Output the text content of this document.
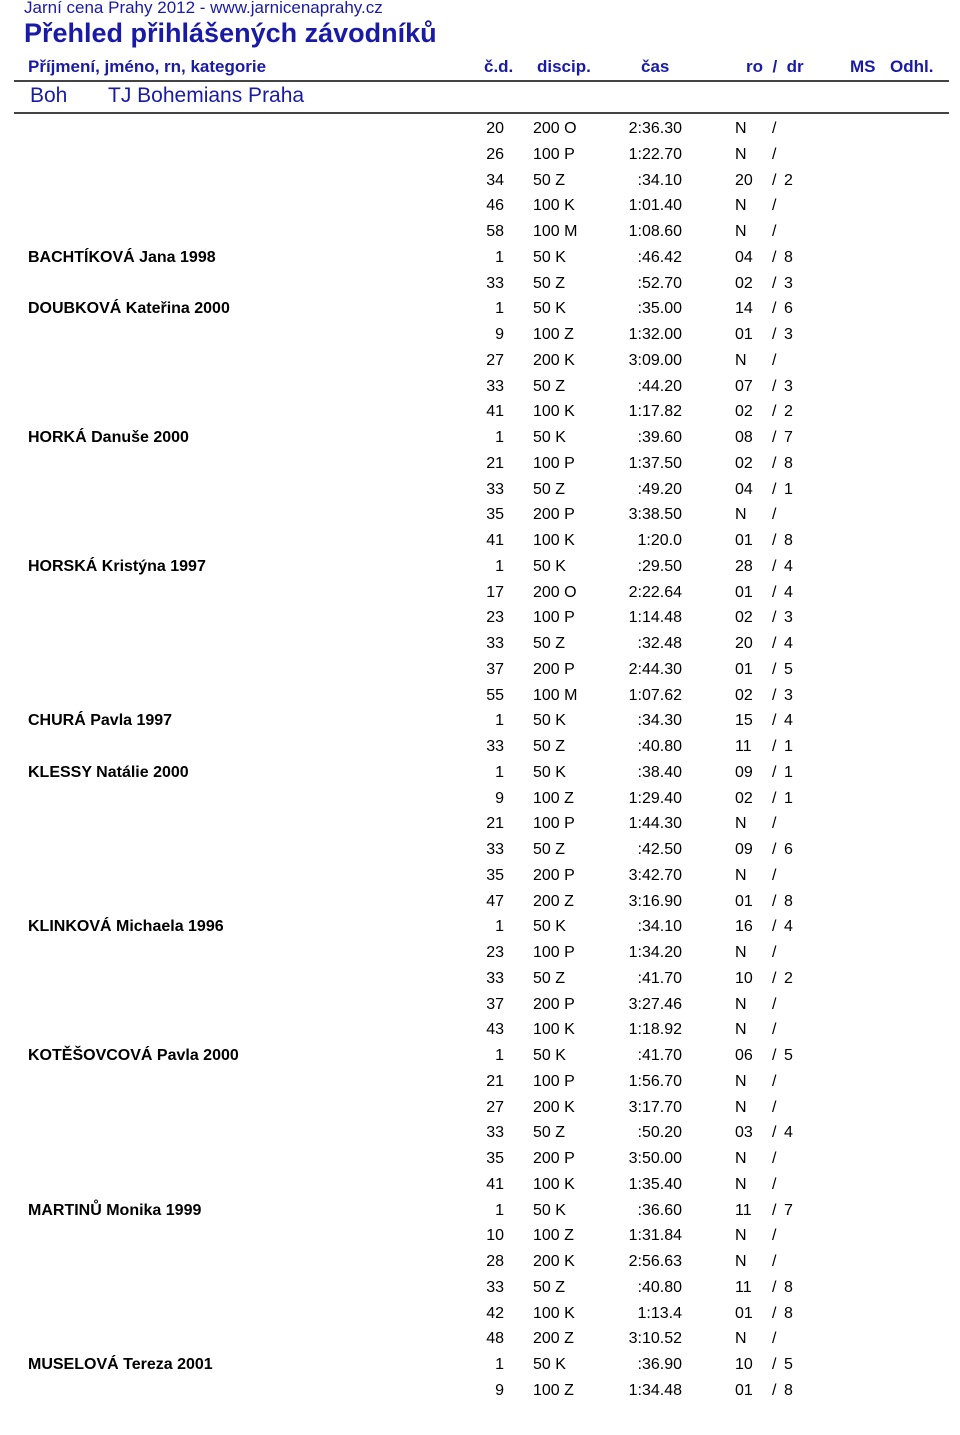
Jarní cena Prahy 2012 - www.jarnicenaprahy.cz
Přehled přihlášených závodníků
Příjmení, jméno, rn, kategorie	č.d. discip.	čas	ro  /  dr	MS Odhl.
Boh TJ Bohemians Praha
20 200 O	2:36.30	N /
26 100 P	1:22.70	N /
34 50 Z	:34.10	20 / 2
46 100 K	1:01.40	N /
58 100 M	1:08.60	N /
BACHTÍKOVÁ Jana 1998	1 50 K	:46.42	04 / 8
33 50 Z	:52.70	02 / 3
DOUBKOVÁ Kateřina 2000	1 50 K	:35.00	14 / 6
9 100 Z	1:32.00	01 / 3
27 200 K	3:09.00	N /
33 50 Z	:44.20	07 / 3
41 100 K	1:17.82	02 / 2
HORKÁ Danuše 2000	1 50 K	:39.60	08 / 7
21 100 P	1:37.50	02 / 8
33 50 Z	:49.20	04 / 1
35 200 P	3:38.50	N /
41 100 K	1:20.0	01 / 8
HORSKÁ Kristýna 1997	1 50 K	:29.50	28 / 4
17 200 O	2:22.64	01 / 4
23 100 P	1:14.48	02 / 3
33 50 Z	:32.48	20 / 4
37 200 P	2:44.30	01 / 5
55 100 M	1:07.62	02 / 3
CHURÁ Pavla 1997	1 50 K	:34.30	15 / 4
33 50 Z	:40.80	11 / 1
KLESSY Natálie 2000	1 50 K	:38.40	09 / 1
9 100 Z	1:29.40	02 / 1
21 100 P	1:44.30	N /
33 50 Z	:42.50	09 / 6
35 200 P	3:42.70	N /
47 200 Z	3:16.90	01 / 8
KLINKOVÁ Michaela 1996	1 50 K	:34.10	16 / 4
23 100 P	1:34.20	N /
33 50 Z	:41.70	10 / 2
37 200 P	3:27.46	N /
43 100 K	1:18.92	N /
KOTĚŠOVCOVÁ Pavla 2000	1 50 K	:41.70	06 / 5
21 100 P	1:56.70	N /
27 200 K	3:17.70	N /
33 50 Z	:50.20	03 / 4
35 200 P	3:50.00	N /
41 100 K	1:35.40	N /
MARTINŮ Monika 1999	1 50 K	:36.60	11 / 7
10 100 Z	1:31.84	N /
28 200 K	2:56.63	N /
33 50 Z	:40.80	11 / 8
42 100 K	1:13.4	01 / 8
48 200 Z	3:10.52	N /
MUSELOVÁ Tereza 2001	1 50 K	:36.90	10 / 5
9 100 Z	1:34.48	01 / 8
